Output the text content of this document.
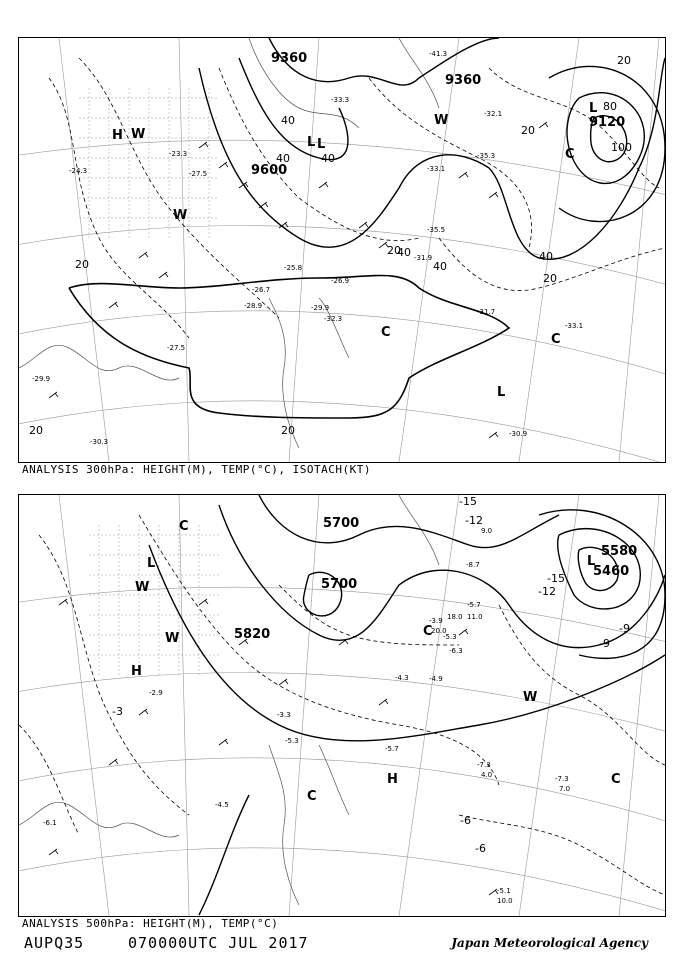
9360
9360
9600
9120
20
40
40	40
20
20
40
40
20	20
20
40
80
100
20
H W
L
W
L
C	C
L
L
C
W
-41.3
-33.1
-32.1
-33.3
-35.3
-27.5
-26.9
-24.3
-23.3
-30.9
-33.1
-27.5
-29.9
-30.3
-31.7
-26.7
-25.8
-35.5
-31.9
-29.9
-28.9
-32.3
ANALYSIS 300hPa: HEIGHT(M), TEMP(°C), ISOTACH(KT)
5700
5700
5820
5580
5460
-12
-15
-12
-9
-3
-6
-6
-15
-9
L
W
H
C
H	C
L
W
C
C
W	-5.3
-8.7
-5.7
-3.9
-4.3
-5.7
-7.3
-4.5
-5.1
-7.3
-6.3
-3.3
-5.3
-4.9
-2.9
-6.1
10.0
7.0
4.0
18.0
20.0
11.0
9.0
ANALYSIS 500hPa: HEIGHT(M), TEMP(°C)
AUPQ35	070000UTC JUL 2017	Japan Meteorological Agency
